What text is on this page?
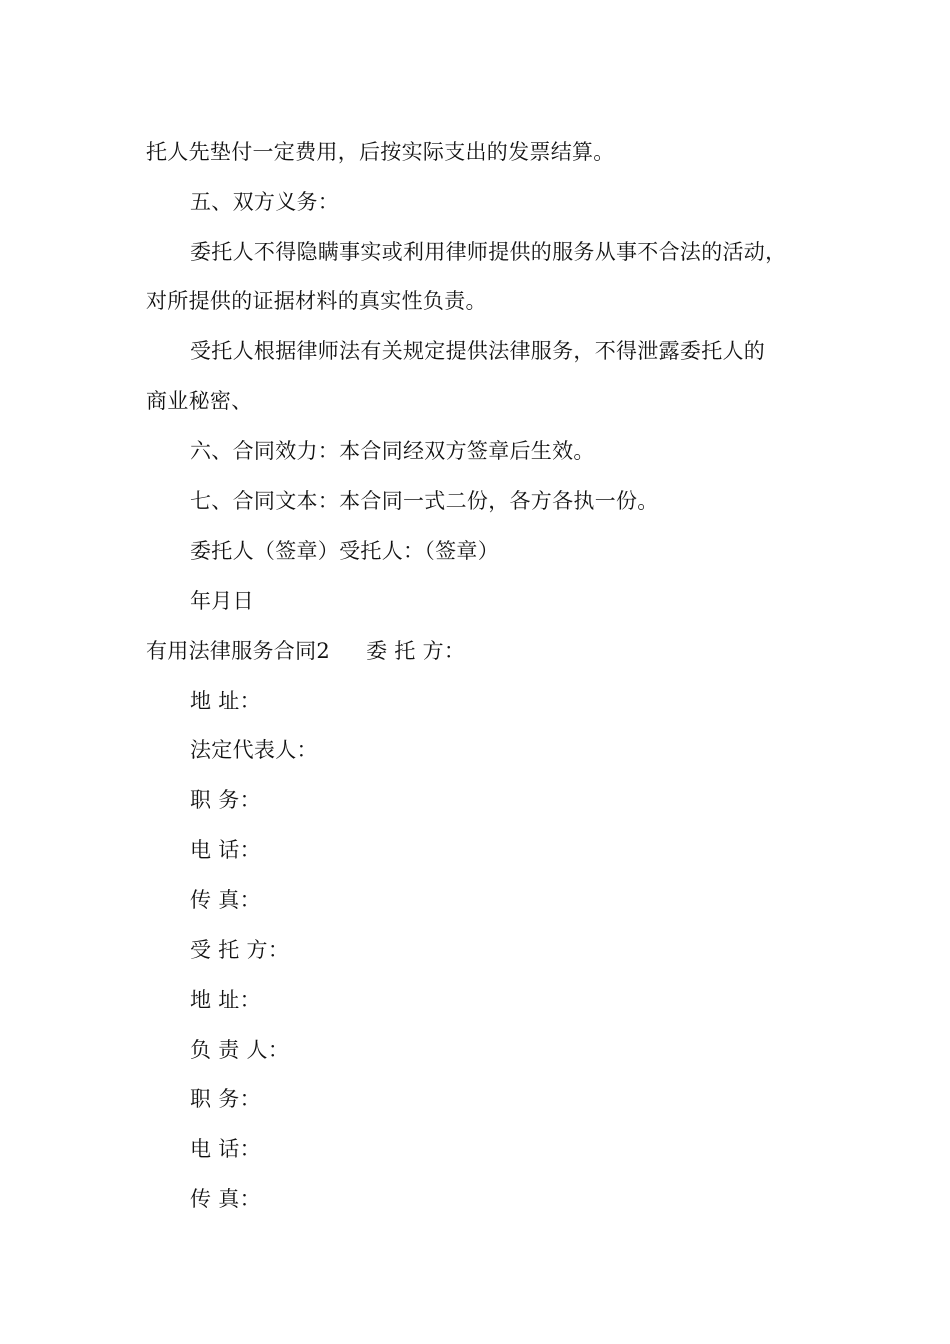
托人先垫付一定费用，后按实际支出的发票结算。
五、双方义务：
委托人不得隐瞒事实或利用律师提供的服务从事不合法的活动，
对所提供的证据材料的真实性负责。
受托人根据律师法有关规定提供法律服务，不得泄露委托人的
商业秘密、
六、合同效力：本合同经双方签章后生效。
七、合同文本：本合同一式二份，各方各执一份。
委托人（签章）受托人：（签章）
年月日
有用法律服务合同2 委 托 方：
地 址：
法定代表人：
职 务：
电 话：
传 真：
受 托 方：
地 址：
负 责 人：
职 务：
电 话：
传 真：
